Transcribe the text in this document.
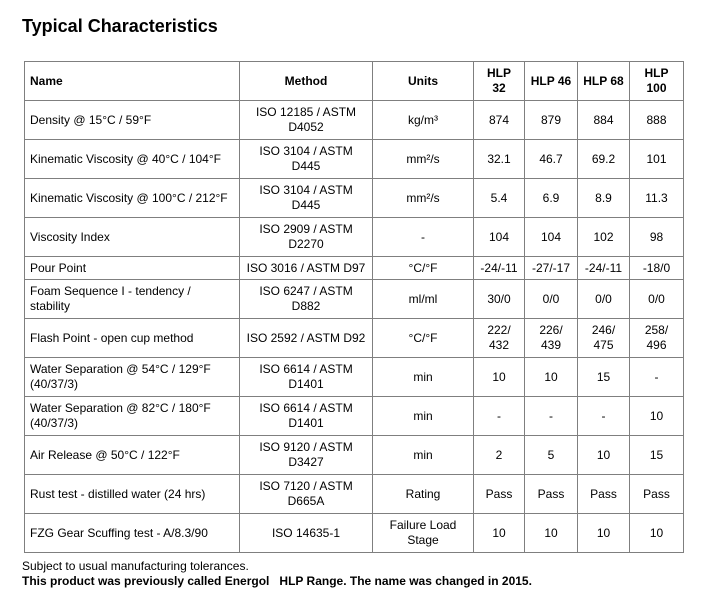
Typical Characteristics
Name	Method	Units	HLP 32	HLP 46	HLP 68	HLP 100
Density @ 15°C / 59°F	ISO 12185 / ASTM D4052	kg/m³	874	879	884	888
Kinematic Viscosity @ 40°C / 104°F	ISO 3104 / ASTM D445	mm²/s	32.1	46.7	69.2	101
Kinematic Viscosity @ 100°C / 212°F	ISO 3104 / ASTM D445	mm²/s	5.4	6.9	8.9	11.3
Viscosity Index	ISO 2909 / ASTM D2270	-	104	104	102	98
Pour Point	ISO 3016 / ASTM D97	°C/°F	-24/-11	-27/-17	-24/-11	-18/0
Foam Sequence I - tendency / stability	ISO 6247 / ASTM D882	ml/ml	30/0	0/0	0/0	0/0
Flash Point - open cup method	ISO 2592 / ASTM D92	°C/°F	222/ 432	226/ 439	246/ 475	258/ 496
Water Separation @ 54°C / 129°F (40/37/3)	ISO 6614 / ASTM D1401	min	10	10	15	-
Water Separation @ 82°C / 180°F (40/37/3)	ISO 6614 / ASTM D1401	min	-	-	-	10
Air Release @ 50°C / 122°F	ISO 9120 / ASTM D3427	min	2	5	10	15
Rust test - distilled water (24 hrs)	ISO 7120 / ASTM D665A	Rating	Pass	Pass	Pass	Pass
FZG Gear Scuffing test - A/8.3/90	ISO 14635-1	Failure Load Stage	10	10	10	10

Subject to usual manufacturing tolerances.

This product was previously called Energol HLP Range. The name was changed in 2015.
